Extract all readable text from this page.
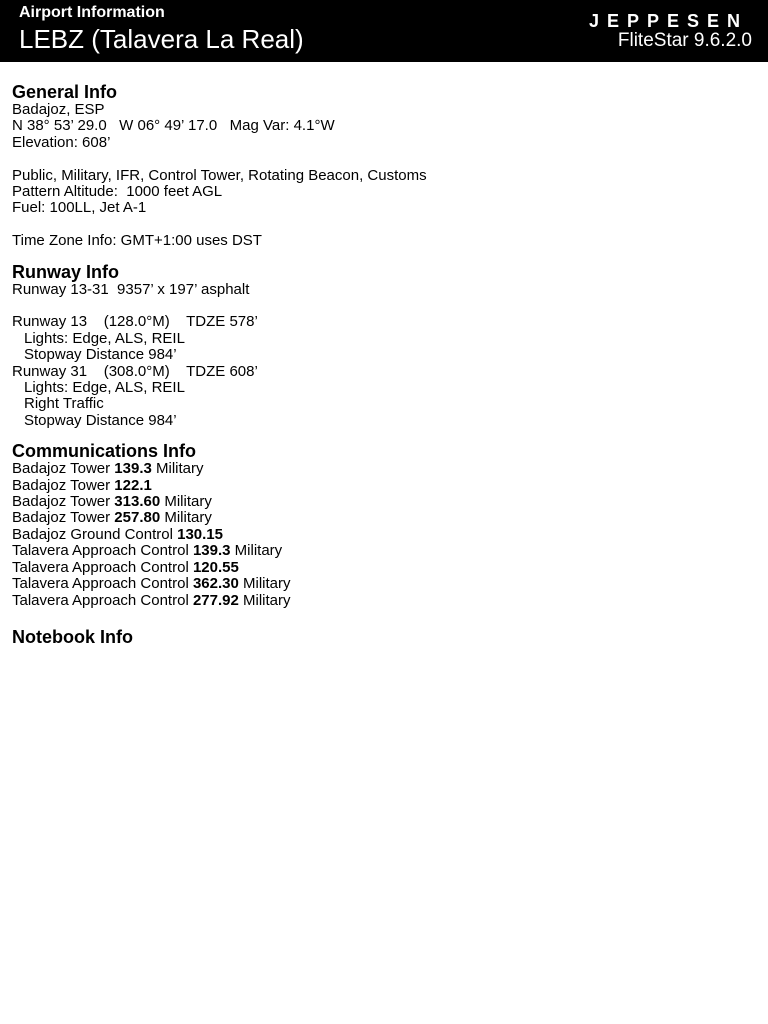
Airport Information
LEBZ (Talavera La Real)
JEPPESEN
FliteStar 9.6.2.0
General Info
Badajoz, ESP
N 38° 53’ 29.0   W 06° 49’ 17.0   Mag Var: 4.1°W
Elevation: 608’
Public, Military, IFR, Control Tower, Rotating Beacon, Customs
Pattern Altitude:  1000 feet AGL
Fuel: 100LL, Jet A-1
Time Zone Info: GMT+1:00 uses DST
Runway Info
Runway 13-31  9357’ x 197’ asphalt
Runway 13    (128.0°M)    TDZE 578’
Lights: Edge, ALS, REIL
Stopway Distance 984’
Runway 31    (308.0°M)    TDZE 608’
Lights: Edge, ALS, REIL
Right Traffic
Stopway Distance 984’
Communications Info
Badajoz Tower 139.3 Military
Badajoz Tower 122.1
Badajoz Tower 313.60 Military
Badajoz Tower 257.80 Military
Badajoz Ground Control 130.15
Talavera Approach Control 139.3 Military
Talavera Approach Control 120.55
Talavera Approach Control 362.30 Military
Talavera Approach Control 277.92 Military
Notebook Info
